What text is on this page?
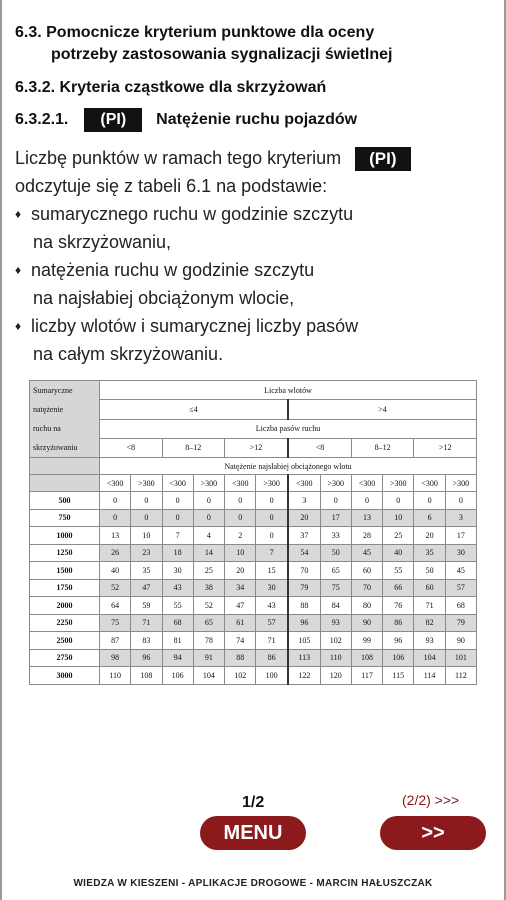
6.3. Pomocnicze kryterium punktowe dla oceny
potrzeby zastosowania sygnalizacji świetlnej
6.3.2. Kryteria cząstkowe dla skrzyżowań
6.3.2.1.	(PI)	Natężenie ruchu pojazdów
Liczbę punktów w ramach tego kryterium (PI)
odczytuje się z tabeli 6.1 na podstawie:
♦ sumarycznego ruchu w godzinie szczytu
na skrzyżowaniu,
♦ natężenia ruchu w godzinie szczytu
na najsłabiej obciążonym wlocie,
♦ liczby wlotów i sumarycznej liczby pasów
na całym skrzyżowaniu.
Sumaryczne
natężenie
ruchu na
skrzyżowaniu	Liczba wlotów											
	≤4						>4					
	Liczba pasów ruchu											
	<8		8–12		>12		<8		8–12		>12	
	Natężenie najsłabiej obciążonego wlotu											
	<300	>300	<300	>300	<300	>300	<300	>300	<300	>300	<300	>300
500	0	0	0	0	0	0	3	0	0	0	0	0
750	0	0	0	0	0	0	20	17	13	10	6	3
1000	13	10	7	4	2	0	37	33	28	25	20	17
1250	26	23	18	14	10	7	54	50	45	40	35	30
1500	40	35	30	25	20	15	70	65	60	55	50	45
1750	52	47	43	38	34	30	79	75	70	66	60	57
2000	64	59	55	52	47	43	88	84	80	76	71	68
2250	75	71	68	65	61	57	96	93	90	86	82	79
2500	87	83	81	78	74	71	105	102	99	96	93	90
2750	98	96	94	91	88	86	113	110	108	106	104	101
3000	110	108	106	104	102	100	122	120	117	115	114	112
1/2	(2/2) >>>
MENU	>>
WIEDZA W KIESZENI - APLIKACJE DROGOWE - MARCIN HAŁUSZCZAK
